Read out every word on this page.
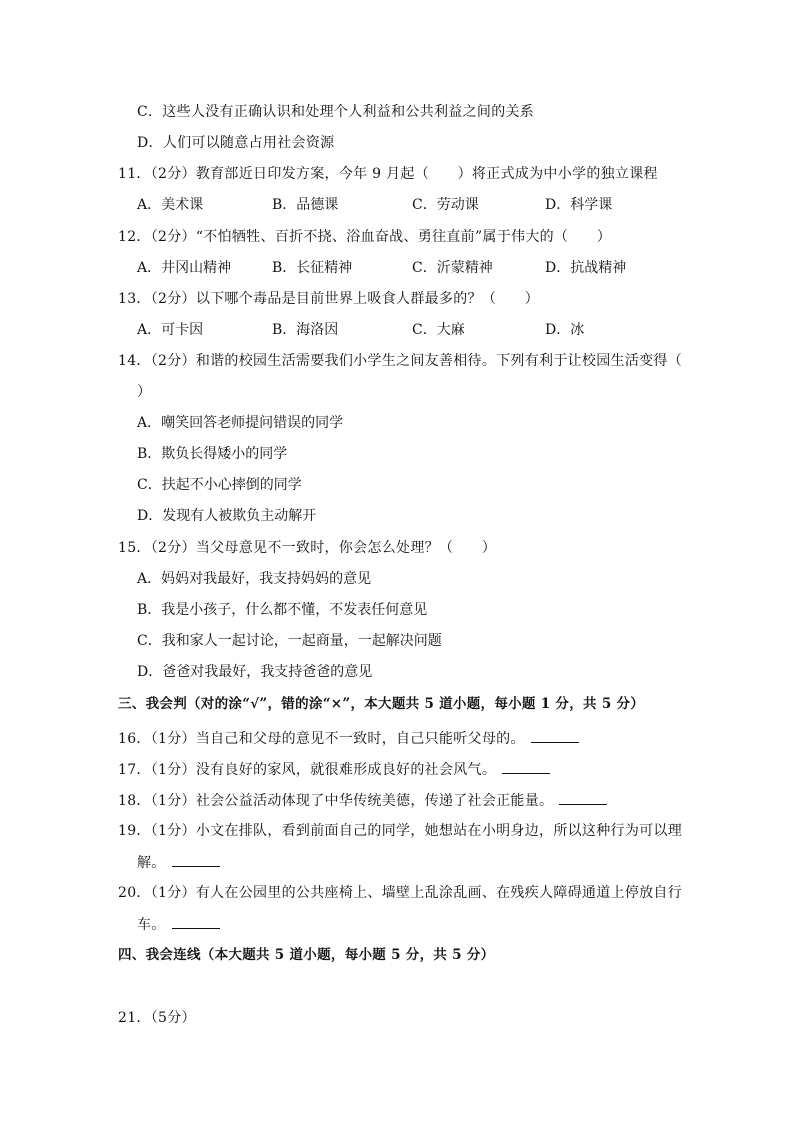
C．这些人没有正确认识和处理个人利益和公共利益之间的关系
D．人们可以随意占用社会资源
11．（2分）教育部近日印发方案，今年 9 月起（　　）将正式成为中小学的独立课程
A．美术课	B．品德课	C．劳动课	D．科学课
12．（2分）“不怕牺牲、百折不挠、浴血奋战、勇往直前”属于伟大的（　　）
A．井冈山精神	B．长征精神	C．沂蒙精神	D．抗战精神
13．（2分）以下哪个毒品是目前世界上吸食人群最多的？（　　）
A．可卡因	B．海洛因	C．大麻	D．冰
14．（2分）和谐的校园生活需要我们小学生之间友善相待。下列有利于让校园生活变得（
）
A．嘲笑回答老师提问错误的同学
B．欺负长得矮小的同学
C．扶起不小心摔倒的同学
D．发现有人被欺负主动解开
15．（2分）当父母意见不一致时，你会怎么处理？（　　）
A．妈妈对我最好，我支持妈妈的意见
B．我是小孩子，什么都不懂，不发表任何意见
C．我和家人一起讨论，一起商量，一起解决问题
D．爸爸对我最好，我支持爸爸的意见
三、我会判（对的涂“√”，错的涂“×”，本大题共 5 道小题，每小题 1 分，共 5 分）
16．（1分）当自己和父母的意见不一致时，自己只能听父母的。
17．（1分）没有良好的家风，就很难形成良好的社会风气。
18．（1分）社会公益活动体现了中华传统美德，传递了社会正能量。
19．（1分）小文在排队，看到前面自己的同学，她想站在小明身边，所以这种行为可以理
解。
20．（1分）有人在公园里的公共座椅上、墙壁上乱涂乱画、在残疾人障碍通道上停放自行
车。
四、我会连线（本大题共 5 道小题，每小题 5 分，共 5 分）
21．（5分）
